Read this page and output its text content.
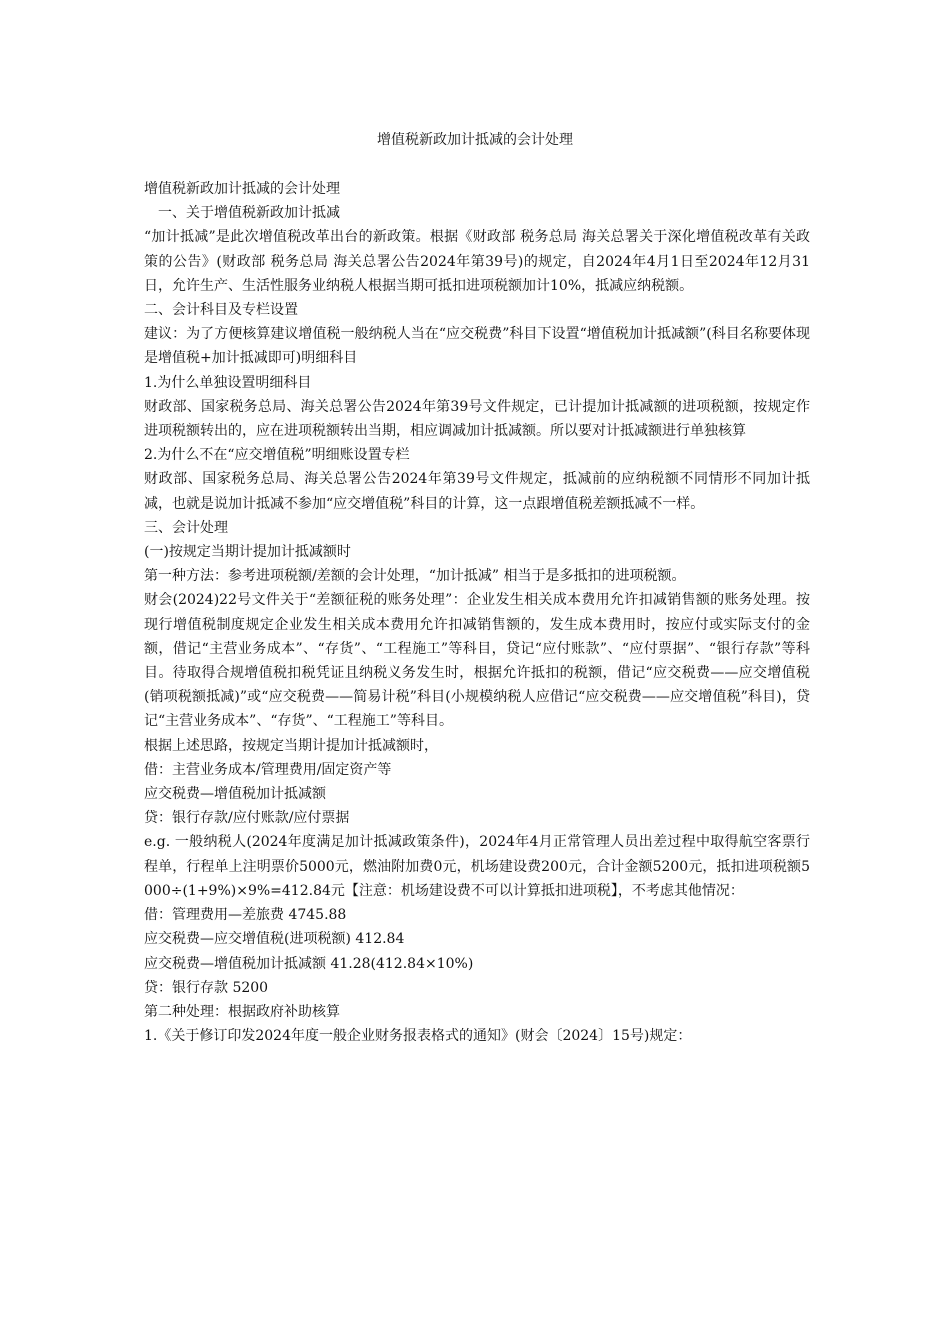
增值税新政加计抵减的会计处理

增值税新政加计抵减的会计处理

一、关于增值税新政加计抵减

“加计抵减”是此次增值税改革出台的新政策。根据《财政部 税务总局 海关总署关于深化增值税改革有关政策的公告》(财政部 税务总局 海关总署公告2024年第39号)的规定，自2024年4月1日至2024年12月31日，允许生产、生活性服务业纳税人根据当期可抵扣进项税额加计10%，抵减应纳税额。

二、会计科目及专栏设置

建议：为了方便核算建议增值税一般纳税人当在“应交税费”科目下设置“增值税加计抵减额”(科目名称要体现是增值税+加计抵减即可)明细科目

1.为什么单独设置明细科目

财政部、国家税务总局、海关总署公告2024年第39号文件规定，已计提加计抵减额的进项税额，按规定作进项税额转出的，应在进项税额转出当期，相应调减加计抵减额。所以要对计抵减额进行单独核算

2.为什么不在“应交增值税”明细账设置专栏

财政部、国家税务总局、海关总署公告2024年第39号文件规定，抵减前的应纳税额不同情形不同加计抵减，也就是说加计抵减不参加“应交增值税”科目的计算，这一点跟增值税差额抵减不一样。

三、会计处理

(一)按规定当期计提加计抵减额时

第一种方法：参考进项税额/差额的会计处理，“加计抵减” 相当于是多抵扣的进项税额。

财会(2024)22号文件关于“差额征税的账务处理”：企业发生相关成本费用允许扣减销售额的账务处理。按现行增值税制度规定企业发生相关成本费用允许扣减销售额的，发生成本费用时，按应付或实际支付的金额，借记“主营业务成本”、“存货”、“工程施工”等科目，贷记“应付账款”、“应付票据”、“银行存款”等科目。待取得合规增值税扣税凭证且纳税义务发生时，根据允许抵扣的税额，借记“应交税费——应交增值税(销项税额抵减)”或“应交税费——简易计税”科目(小规模纳税人应借记“应交税费——应交增值税”科目)，贷记“主营业务成本”、“存货”、“工程施工”等科目。

根据上述思路，按规定当期计提加计抵减额时，

借：主营业务成本/管理费用/固定资产等

应交税费—增值税加计抵减额

贷：银行存款/应付账款/应付票据

e.g. 一般纳税人(2024年度满足加计抵减政策条件)，2024年4月正常管理人员出差过程中取得航空客票行程单，行程单上注明票价5000元，燃油附加费0元，机场建设费200元，合计金额5200元，抵扣进项税额5000÷(1+9%)×9%=412.84元【注意：机场建设费不可以计算抵扣进项税】，不考虑其他情况：

借：管理费用—差旅费 4745.88

应交税费—应交增值税(进项税额) 412.84

应交税费—增值税加计抵减额 41.28(412.84×10%)

贷：银行存款 5200

第二种处理：根据政府补助核算

1.《关于修订印发2024年度一般企业财务报表格式的通知》(财会〔2024〕15号)规定：
